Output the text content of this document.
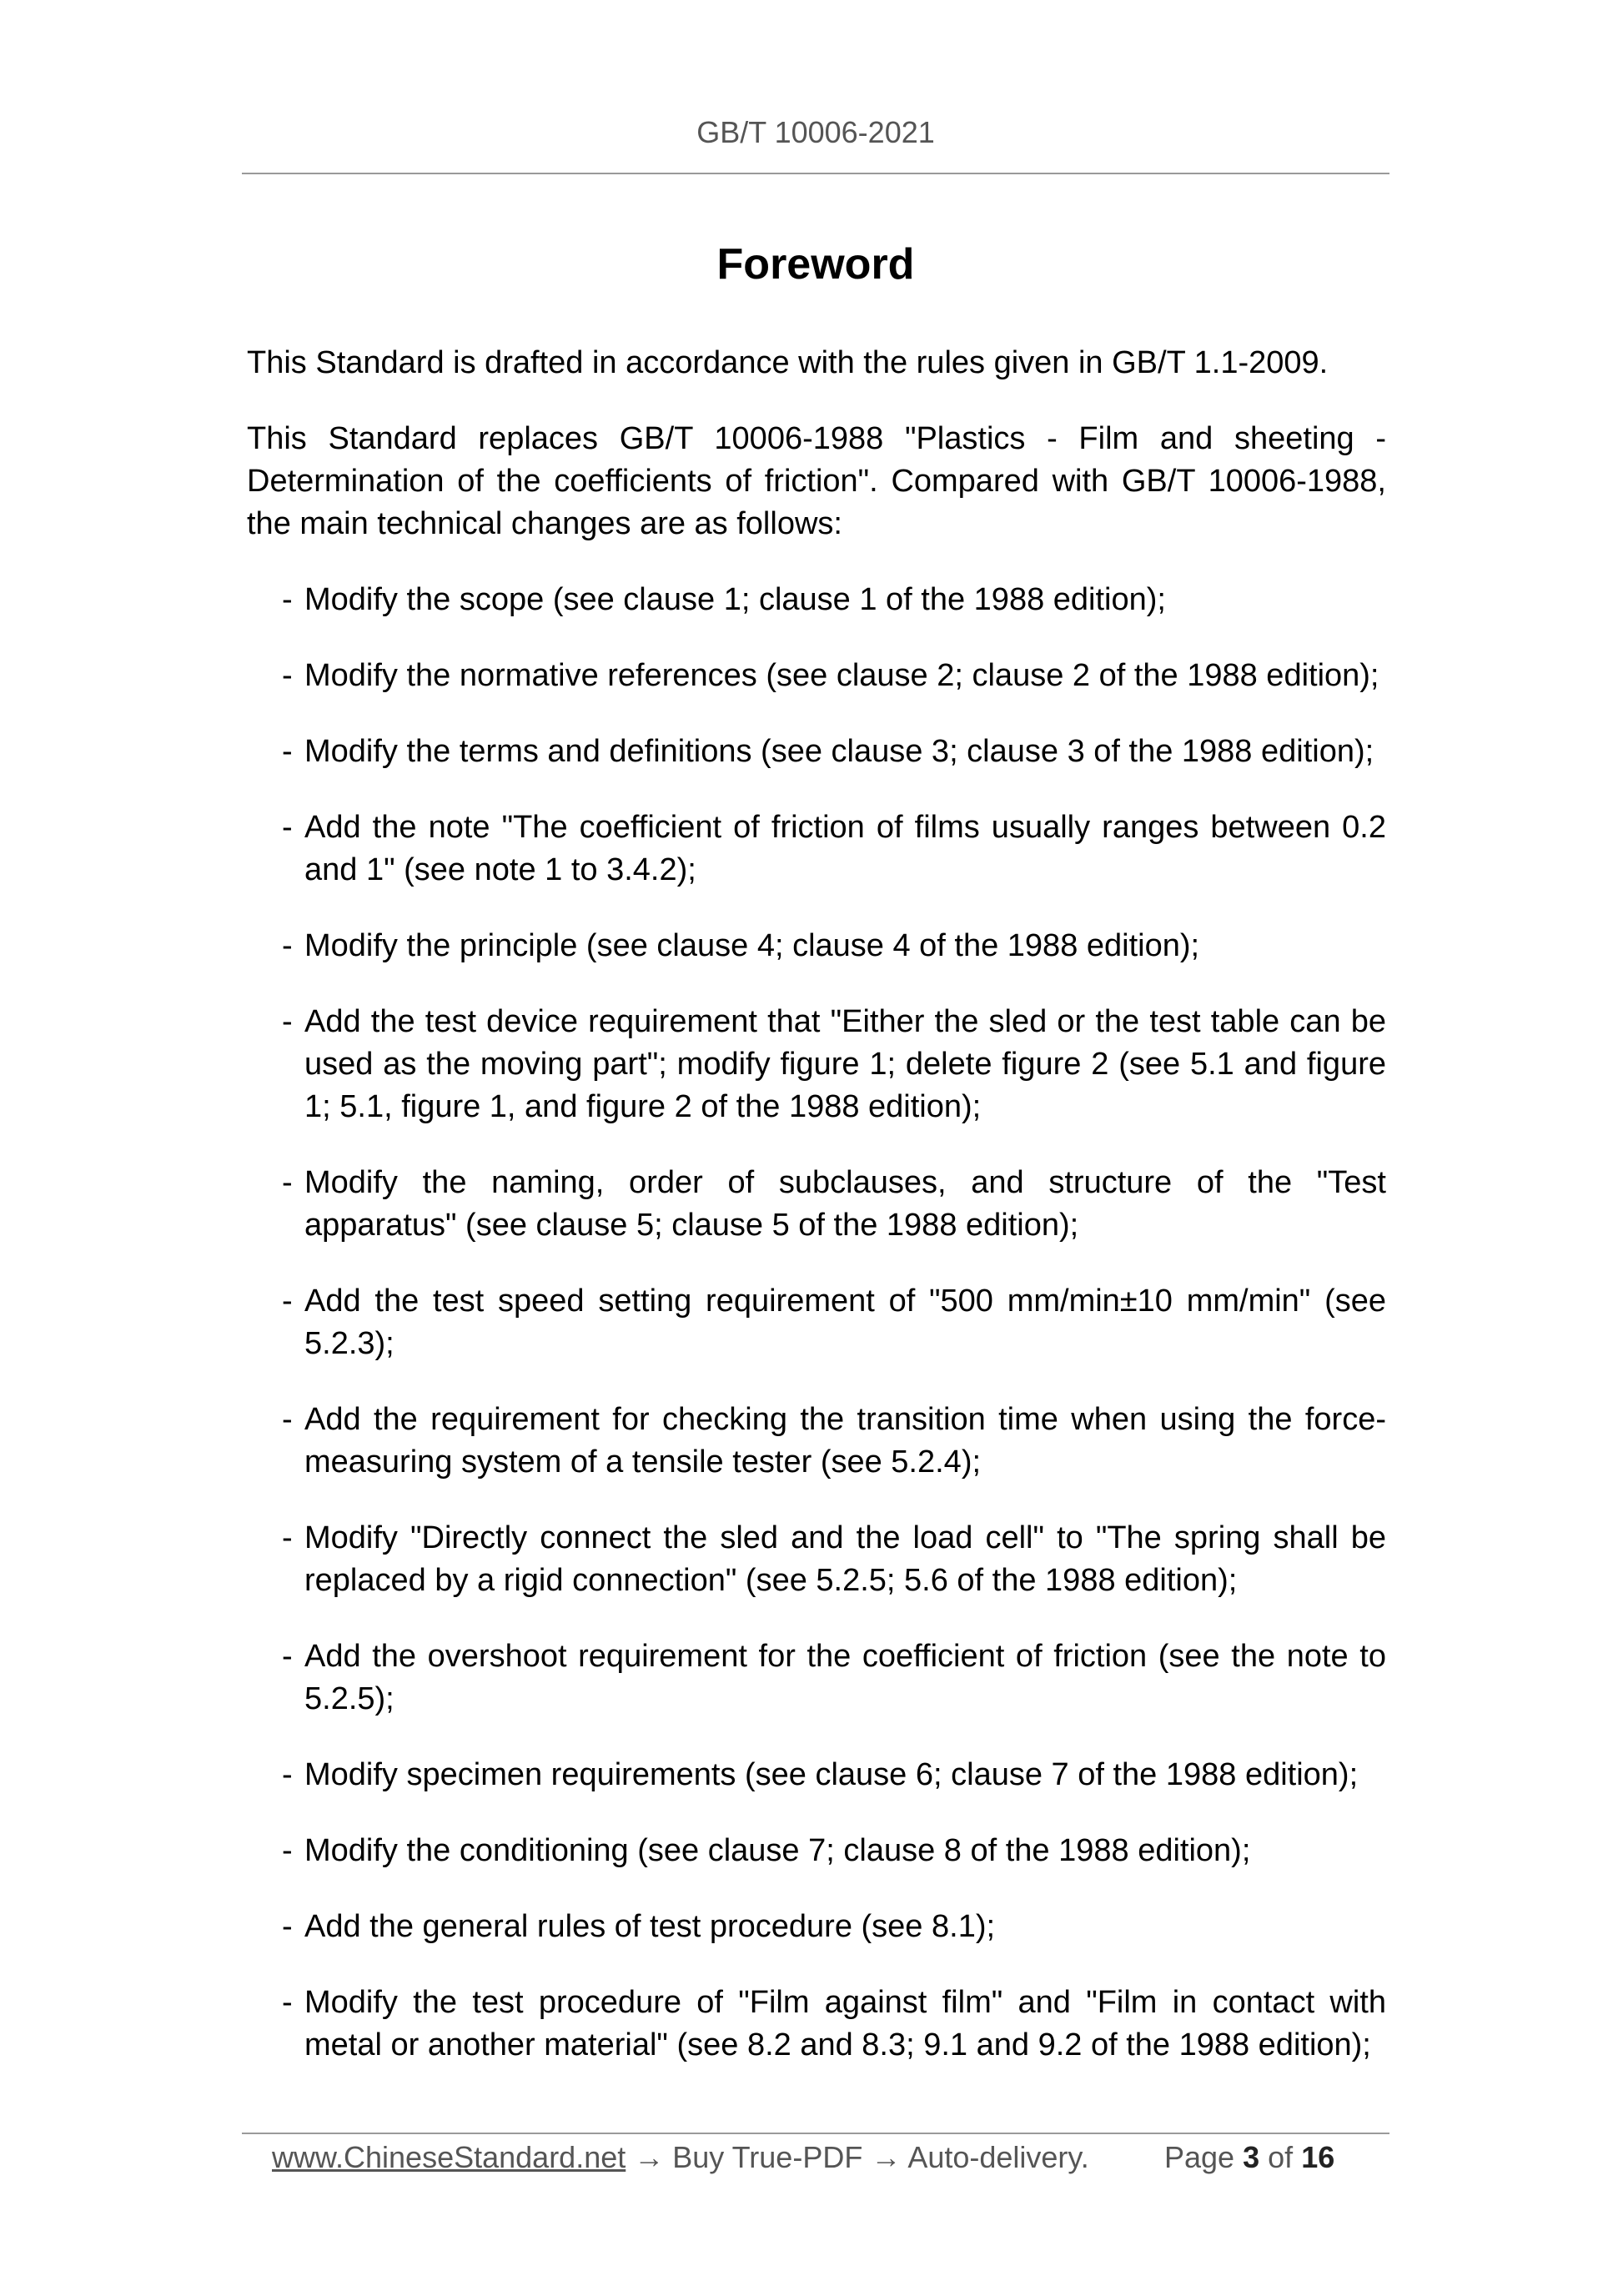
GB/T 10006-2021
Foreword

This Standard is drafted in accordance with the rules given in GB/T 1.1-2009.

This Standard replaces GB/T 10006-1988 "Plastics - Film and sheeting - Determination of the coefficients of friction". Compared with GB/T 10006-1988, the main technical changes are as follows:

- Modify the scope (see clause 1; clause 1 of the 1988 edition);
- Modify the normative references (see clause 2; clause 2 of the 1988 edition);
- Modify the terms and definitions (see clause 3; clause 3 of the 1988 edition);
- Add the note "The coefficient of friction of films usually ranges between 0.2 and 1" (see note 1 to 3.4.2);
- Modify the principle (see clause 4; clause 4 of the 1988 edition);
- Add the test device requirement that "Either the sled or the test table can be used as the moving part"; modify figure 1; delete figure 2 (see 5.1 and figure 1; 5.1, figure 1, and figure 2 of the 1988 edition);
- Modify the naming, order of subclauses, and structure of the "Test apparatus" (see clause 5; clause 5 of the 1988 edition);
- Add the test speed setting requirement of "500 mm/min±10 mm/min" (see 5.2.3);
- Add the requirement for checking the transition time when using the force-measuring system of a tensile tester (see 5.2.4);
- Modify "Directly connect the sled and the load cell" to "The spring shall be replaced by a rigid connection" (see 5.2.5; 5.6 of the 1988 edition);
- Add the overshoot requirement for the coefficient of friction (see the note to 5.2.5);
- Modify specimen requirements (see clause 6; clause 7 of the 1988 edition);
- Modify the conditioning (see clause 7; clause 8 of the 1988 edition);
- Add the general rules of test procedure (see 8.1);
- Modify the test procedure of "Film against film" and "Film in contact with metal or another material" (see 8.2 and 8.3; 9.1 and 9.2 of the 1988 edition);
www.ChineseStandard.net → Buy True-PDF → Auto-delivery.	Page 3 of 16
